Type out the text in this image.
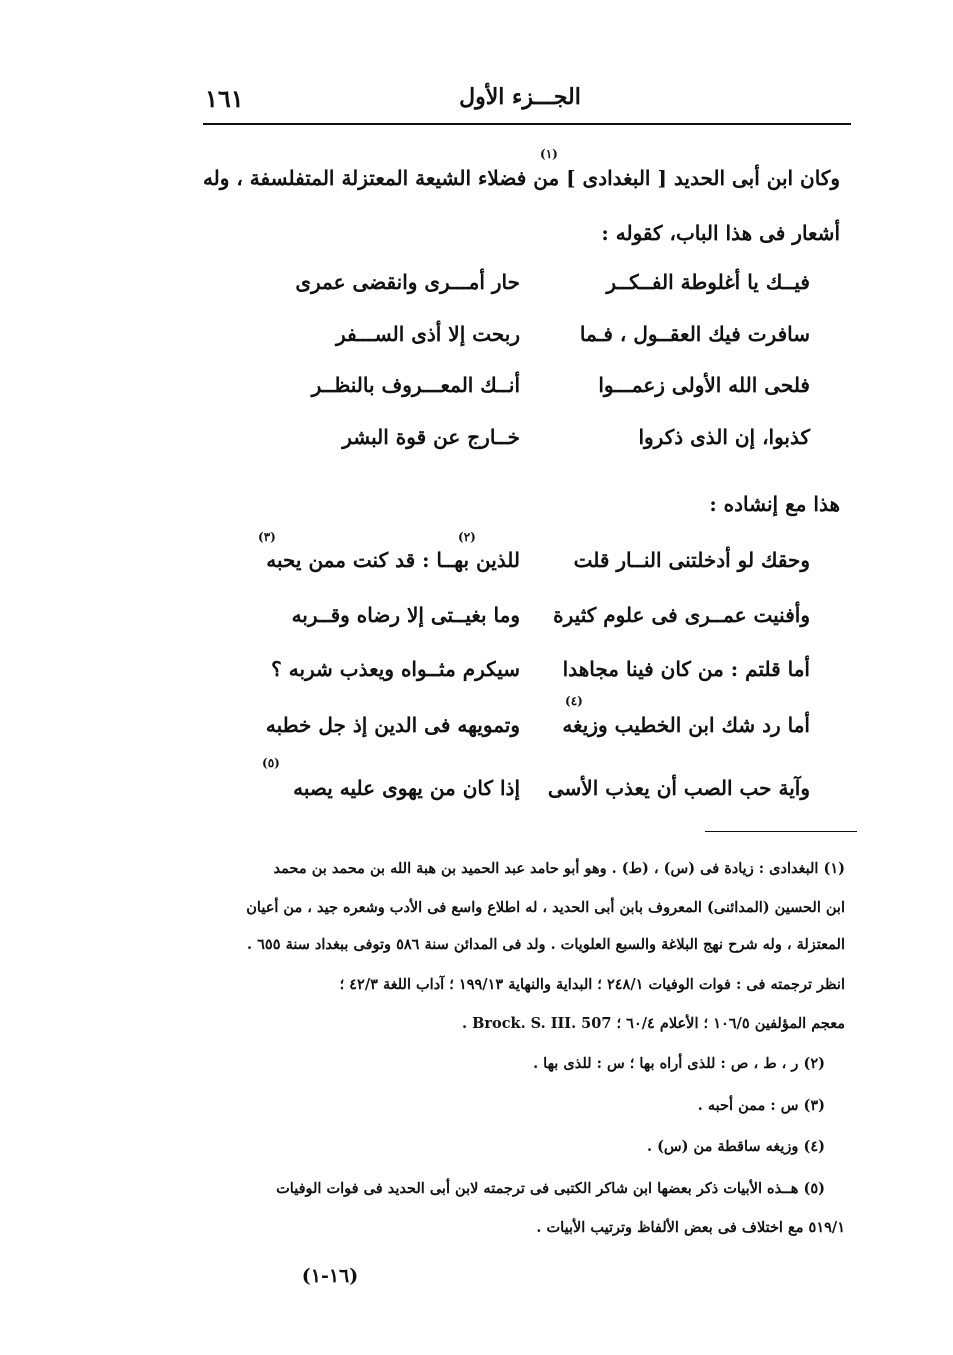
الجـــزء الأول
١٦١
وكان ابن أبى الحديد [ البغدادى ] من فضلاء الشيعة المعتزلة المتفلسفة ، وله
(١)
أشعار فى هذا الباب، كقوله :
فيــك يا أغلوطة الفــكــر
حار أمـــرى وانقضى عمرى
سافرت فيك العقــول ، فـما
ربحت إلا أذى الســـفر
فلحى الله الأولى زعمـــوا
أنــك المعـــروف بالنظــر
كذبوا، إن الذى ذكروا
خــارج عن قوة البشر
هذا مع إنشاده :
وحقك لو أدخلتنى النــار قلت
للذين بهــا : قد كنت ممن يحبه
(٢)
(٣)
وأفنيت عمــرى فى علوم كثيرة
وما بغيــتى إلا رضاه وقــربه
أما قلتم : من كان فينا مجاهدا
سيكرم مثــواه ويعذب شربه ؟
أما رد شك ابن الخطيب وزيغه
وتمويهه فى الدين إذ جل خطبه
(٤)
وآية حب الصب أن يعذب الأسى
إذا كان من يهوى عليه يصبه
(٥)
(١) البغدادى : زيادة فى (س) ، (ط) . وهو أبو حامد عبد الحميد بن هبة الله بن محمد بن محمد
ابن الحسين (المدائنى) المعروف بابن أبى الحديد ، له اطلاع واسع فى الأدب وشعره جيد ، من أعيان
المعتزلة ، وله شرح نهج البلاغة والسبع العلويات . ولد فى المدائن سنة ٥٨٦ وتوفى ببغداد سنة ٦٥٥ .
انظر ترجمته فى : فوات الوفيات ٢٤٨/١ ؛ البداية والنهاية ١٩٩/١٣ ؛ آداب اللغة ٤٢/٣ ؛
معجم المؤلفين ١٠٦/٥ ؛ الأعلام ٦٠/٤ ؛ Brock. S. III. 507 .
(٢) ر ، ط ، ص : للذى أراه بها ؛ س : للذى بها .
(٣) س : ممن أحبه .
(٤) وزيغه ساقطة من (س) .
(٥) هــذه الأبيات ذكر بعضها ابن شاكر الكتبى فى ترجمته لابن أبى الحديد فى فوات الوفيات
٥١٩/١ مع اختلاف فى بعض الألفاظ وترتيب الأبيات .
(١٦-١)
